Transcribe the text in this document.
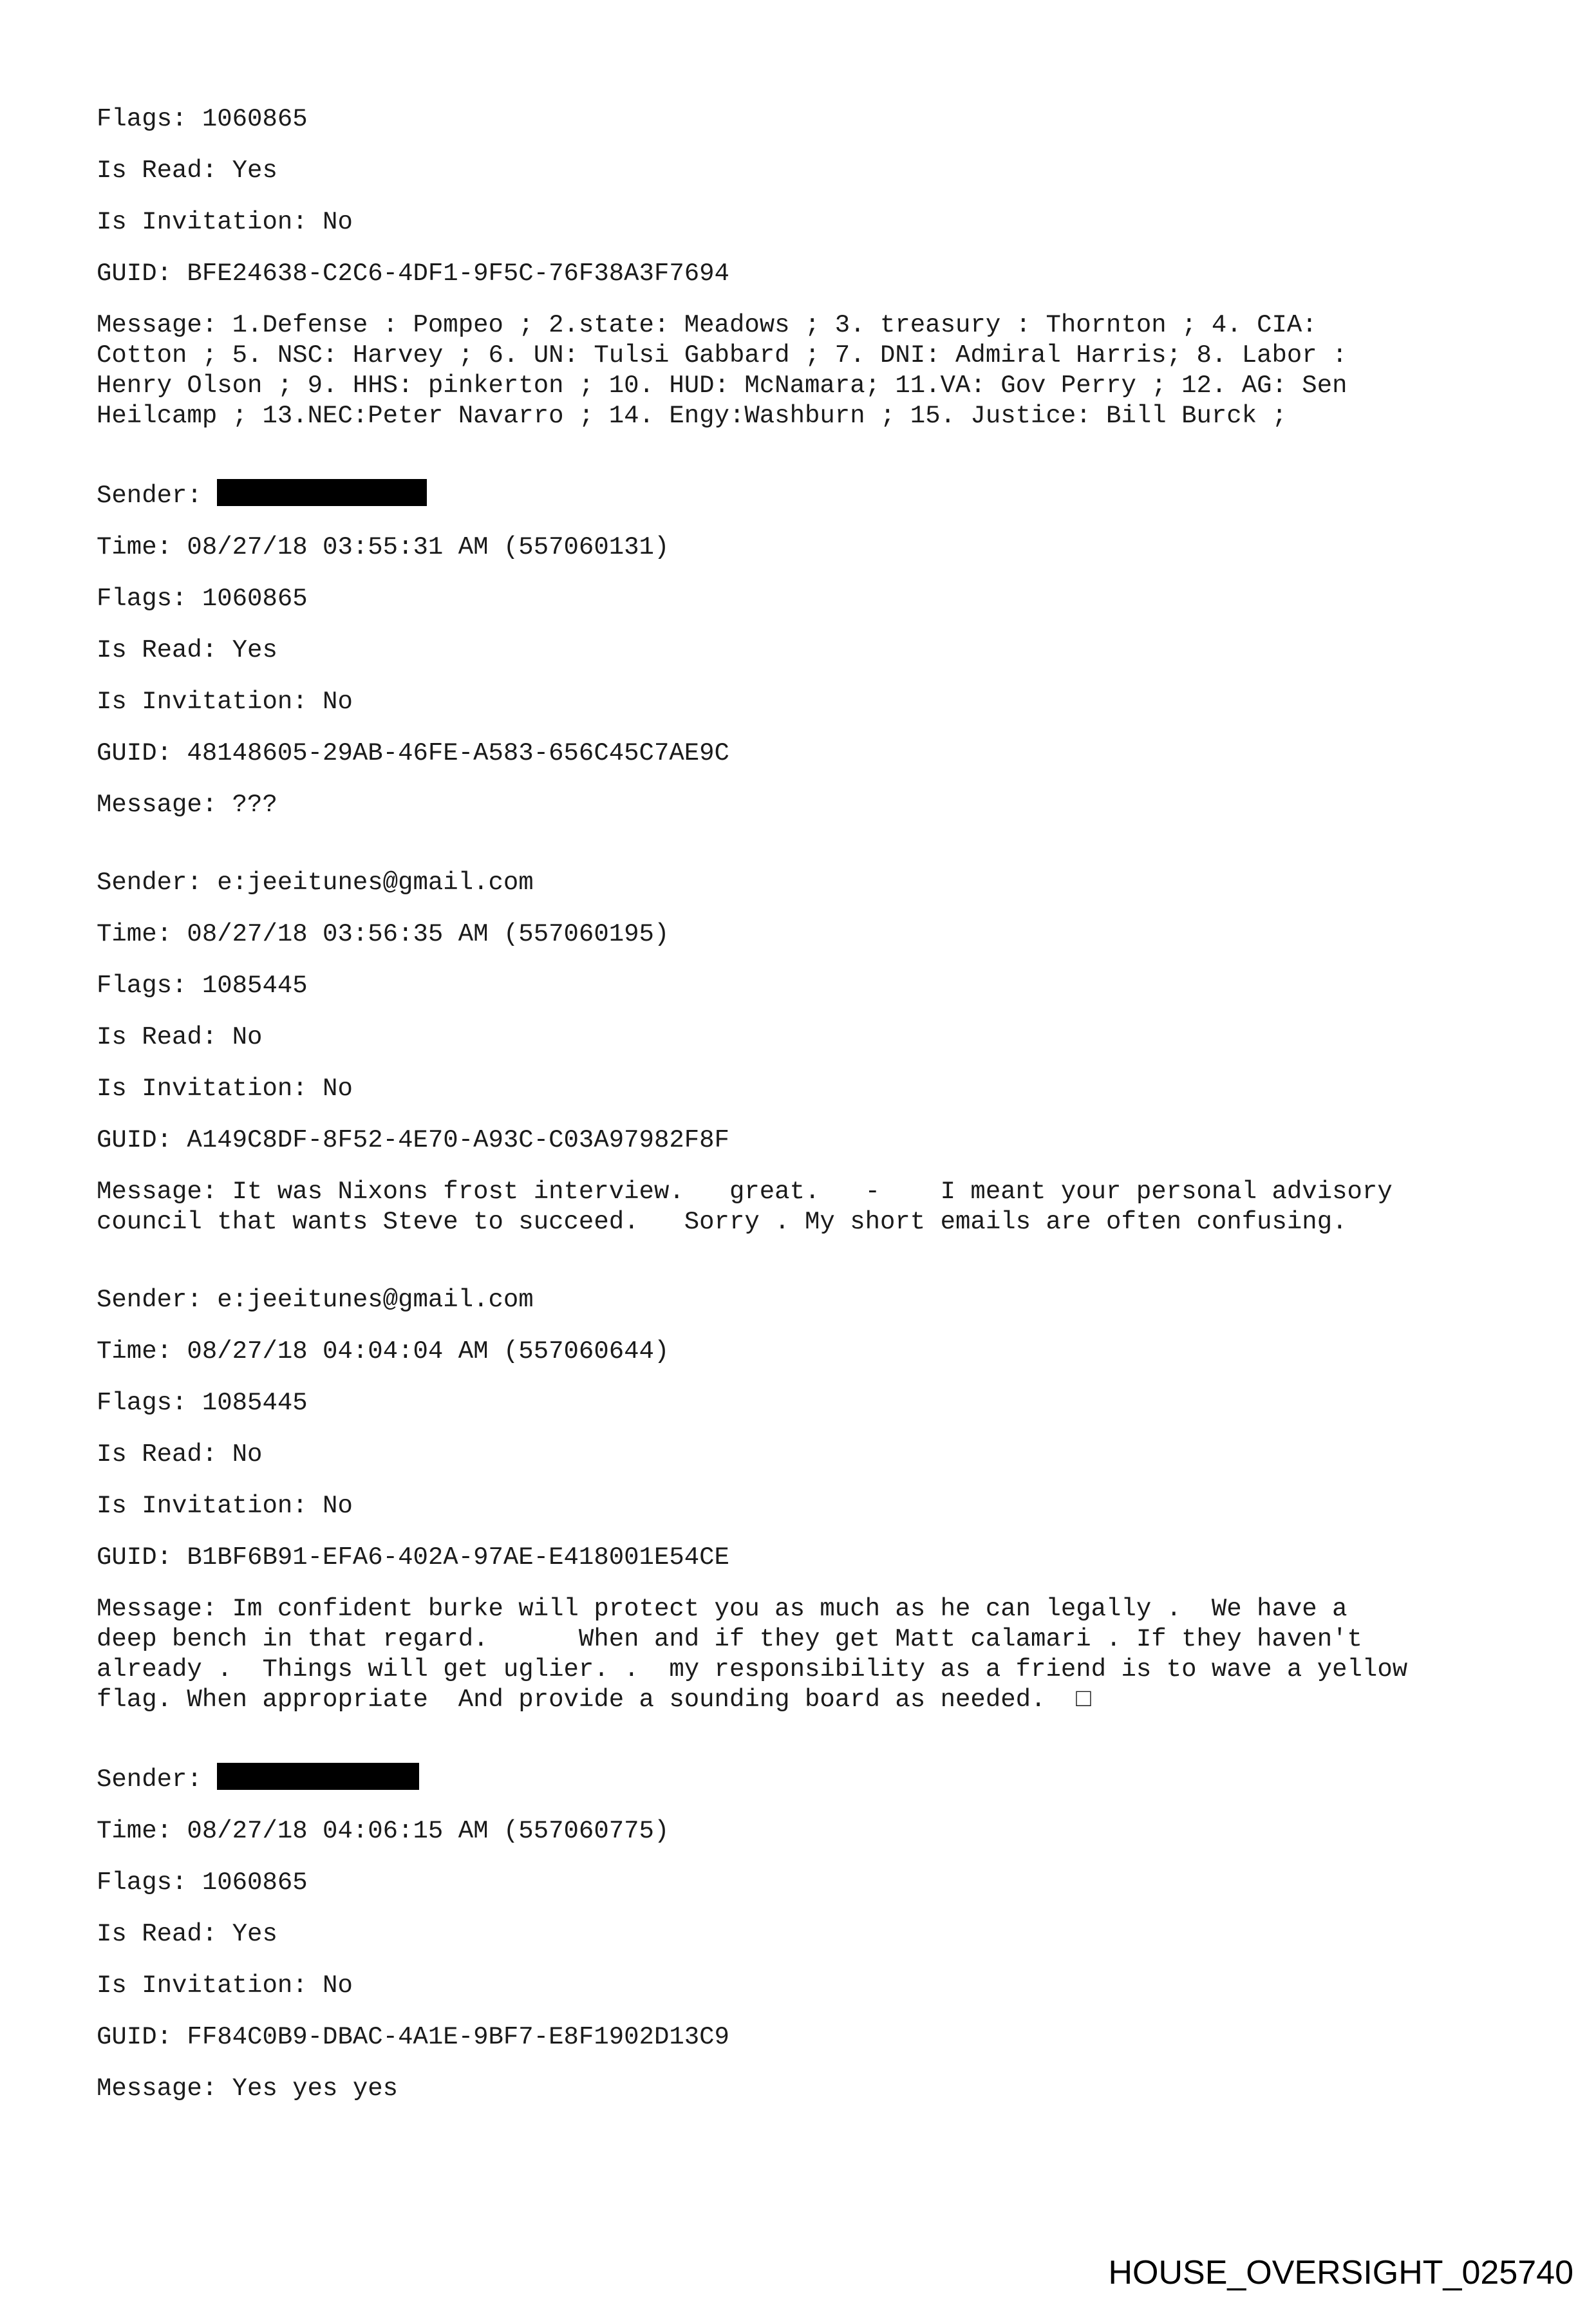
Flags: 1060865
Is Read: Yes
Is Invitation: No
GUID: BFE24638-C2C6-4DF1-9F5C-76F38A3F7694
Message: 1.Defense : Pompeo ; 2.state: Meadows ; 3. treasury : Thornton ; 4. CIA:
Cotton ; 5. NSC: Harvey ; 6. UN: Tulsi Gabbard ; 7. DNI: Admiral Harris; 8. Labor :
Henry Olson ; 9. HHS: pinkerton ; 10. HUD: McNamara; 11.VA: Gov Perry ; 12. AG: Sen
Heilcamp ; 13.NEC:Peter Navarro ; 14. Engy:Washburn ; 15. Justice: Bill Burck ;
Sender:
Time: 08/27/18 03:55:31 AM (557060131)
Flags: 1060865
Is Read: Yes
Is Invitation: No
GUID: 48148605-29AB-46FE-A583-656C45C7AE9C
Message: ???
Sender: e:jeeitunes@gmail.com
Time: 08/27/18 03:56:35 AM (557060195)
Flags: 1085445
Is Read: No
Is Invitation: No
GUID: A149C8DF-8F52-4E70-A93C-C03A97982F8F
Message: It was Nixons frost interview.   great.   -    I meant your personal advisory
council that wants Steve to succeed.   Sorry . My short emails are often confusing.
Sender: e:jeeitunes@gmail.com
Time: 08/27/18 04:04:04 AM (557060644)
Flags: 1085445
Is Read: No
Is Invitation: No
GUID: B1BF6B91-EFA6-402A-97AE-E418001E54CE
Message: Im confident burke will protect you as much as he can legally .  We have a
deep bench in that regard.      When and if they get Matt calamari . If they haven't
already .  Things will get uglier. .  my responsibility as a friend is to wave a yellow
flag. When appropriate  And provide a sounding board as needed.  □
Sender:
Time: 08/27/18 04:06:15 AM (557060775)
Flags: 1060865
Is Read: Yes
Is Invitation: No
GUID: FF84C0B9-DBAC-4A1E-9BF7-E8F1902D13C9
Message: Yes yes yes
HOUSE_OVERSIGHT_025740
